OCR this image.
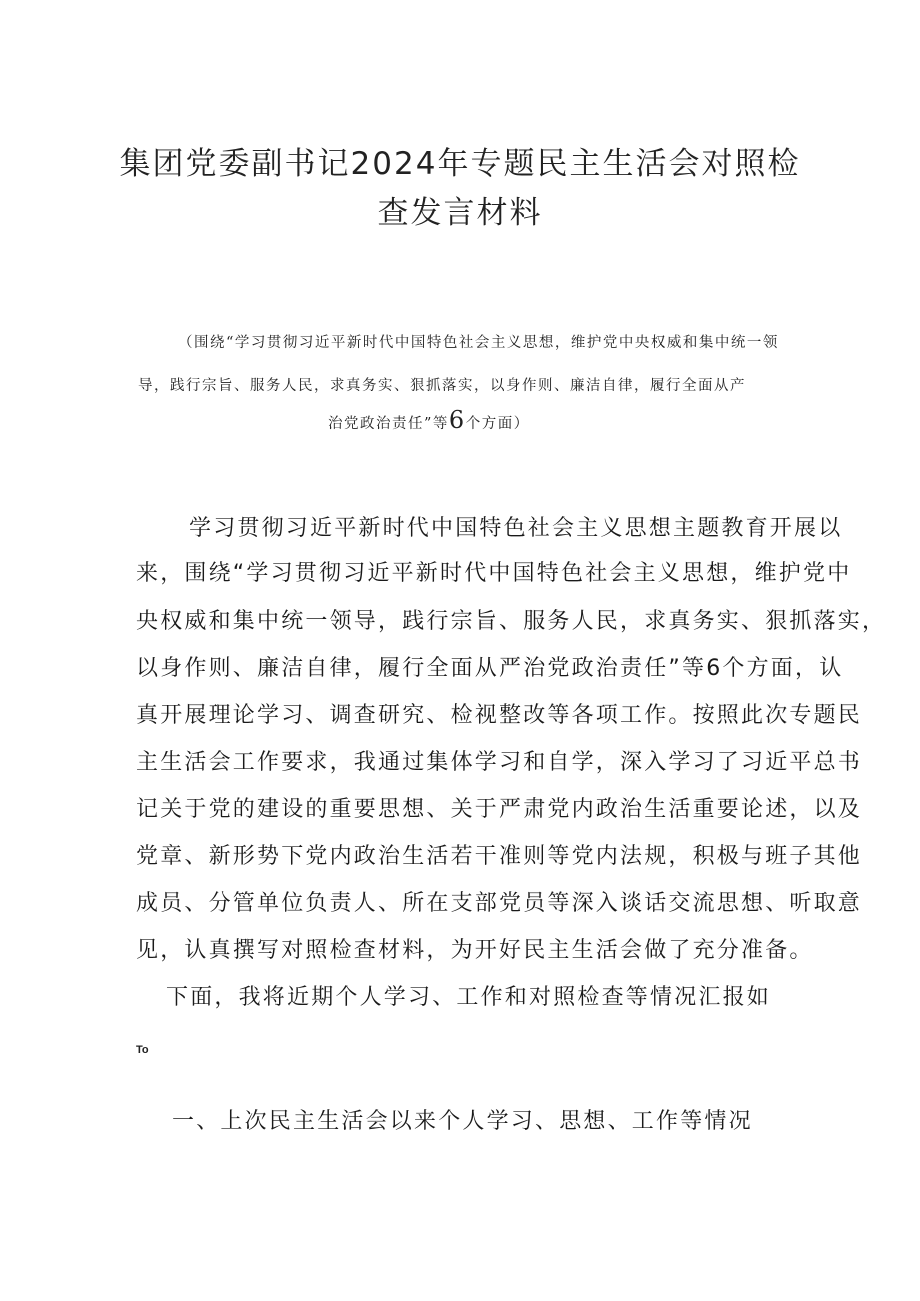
集团党委副书记2024年专题民主生活会对照检
查发言材料
（围绕“学习贯彻习近平新时代中国特色社会主义思想，维护党中央权威和集中统一领
导，践行宗旨、服务人民，求真务实、狠抓落实，以身作则、廉洁自律，履行全面从产
治党政治责任”等6个方面）
学习贯彻习近平新时代中国特色社会主义思想主题教育开展以
来，围绕“学习贯彻习近平新时代中国特色社会主义思想，维护党中
央权威和集中统一领导，践行宗旨、服务人民，求真务实、狠抓落实，
以身作则、廉洁自律，履行全面从严治党政治责任”等6个方面，认
真开展理论学习、调查研究、检视整改等各项工作。按照此次专题民
主生活会工作要求，我通过集体学习和自学，深入学习了习近平总书
记关于党的建设的重要思想、关于严肃党内政治生活重要论述，以及
党章、新形势下党内政治生活若干准则等党内法规，积极与班子其他
成员、分管单位负责人、所在支部党员等深入谈话交流思想、听取意
见，认真撰写对照检查材料，为开好民主生活会做了充分准备。
下面，我将近期个人学习、工作和对照检查等情况汇报如
To
一、上次民主生活会以来个人学习、思想、工作等情况
